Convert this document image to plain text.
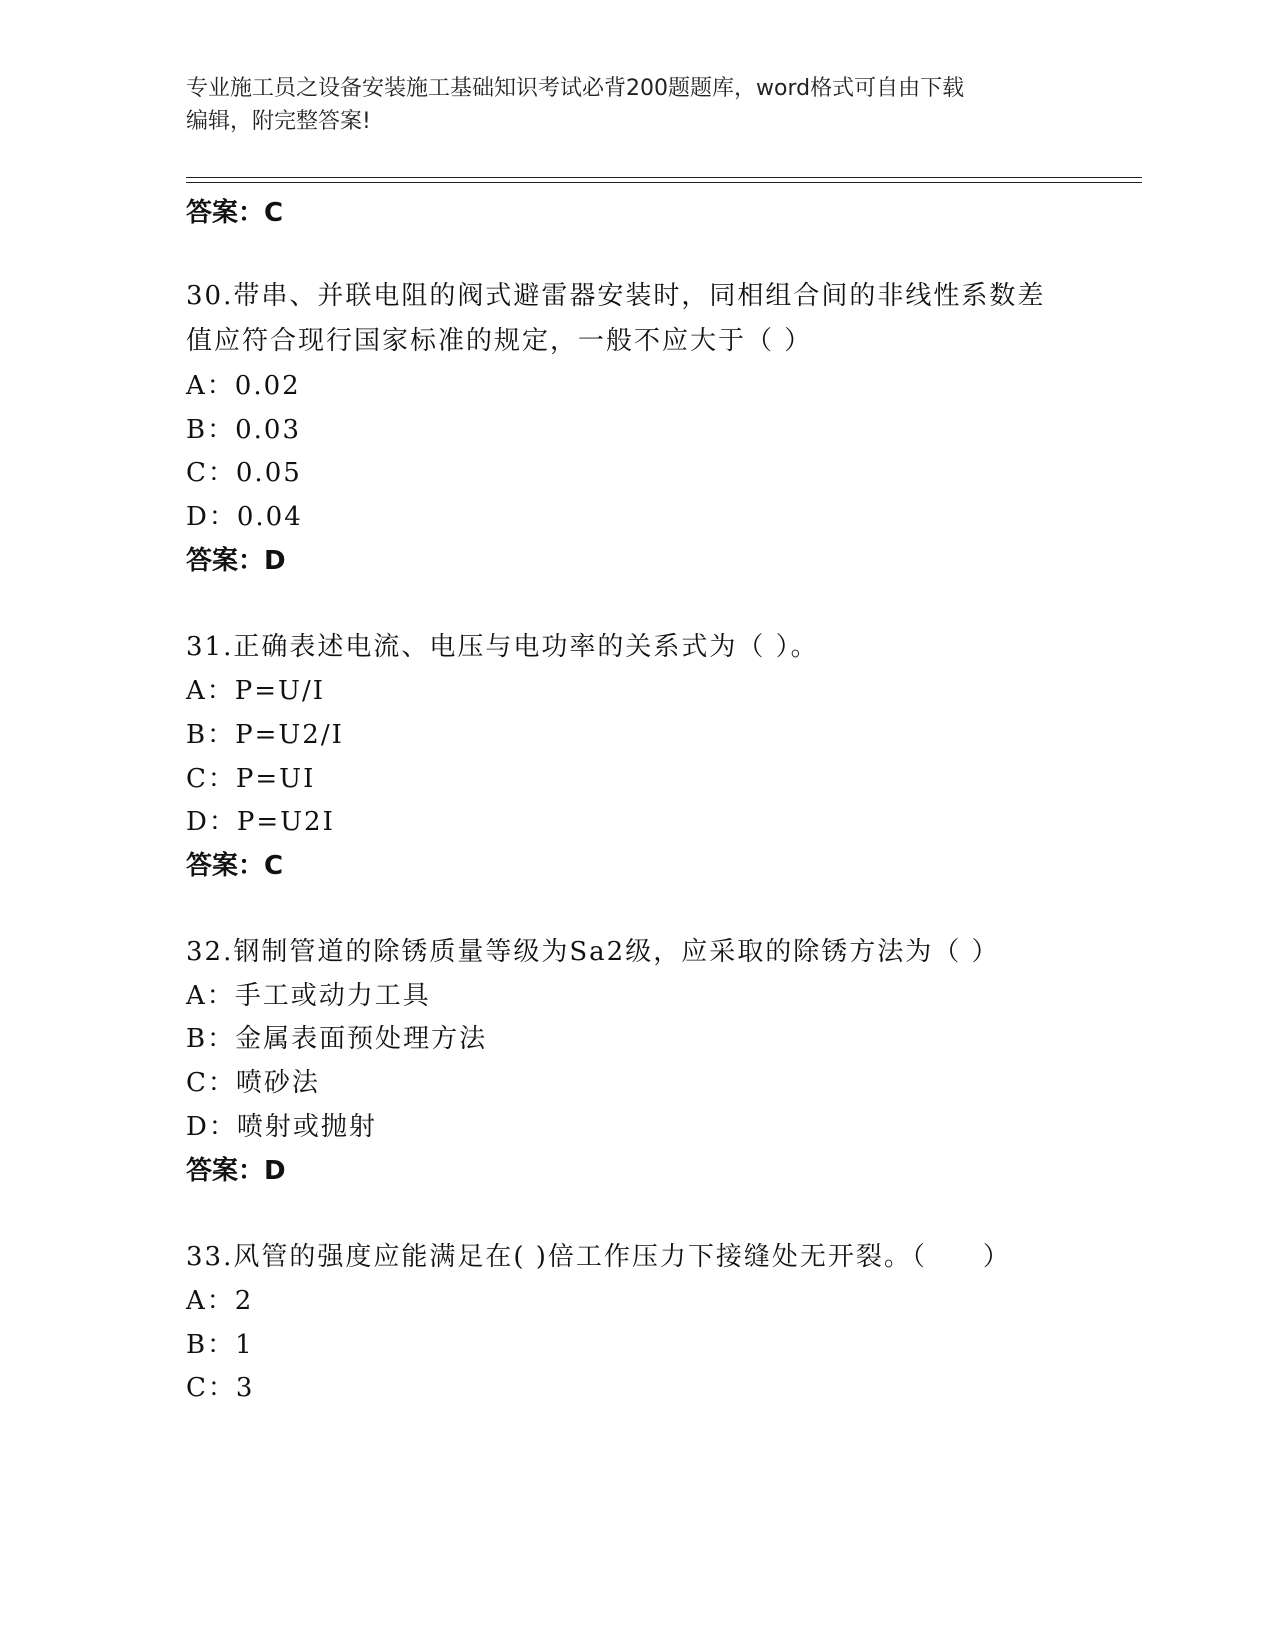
专业施工员之设备安装施工基础知识考试必背200题题库，word格式可自由下载
编辑，附完整答案!
答案：C
30.带串、并联电阻的阀式避雷器安装时，同相组合间的非线性系数差
值应符合现行国家标准的规定，一般不应大于（ ）
A：0.02
B：0.03
C：0.05
D：0.04
答案：D
31.正确表述电流、电压与电功率的关系式为（ ）。
A：P=U/I
B：P=U2/I
C：P=UI
D：P=U2I
答案：C
32.钢制管道的除锈质量等级为Sa2级，应采取的除锈方法为（ ）
A：手工或动力工具
B：金属表面预处理方法
C：喷砂法
D：喷射或抛射
答案：D
33.风管的强度应能满足在( )倍工作压力下接缝处无开裂。（　　）
A：2
B：1
C：3
